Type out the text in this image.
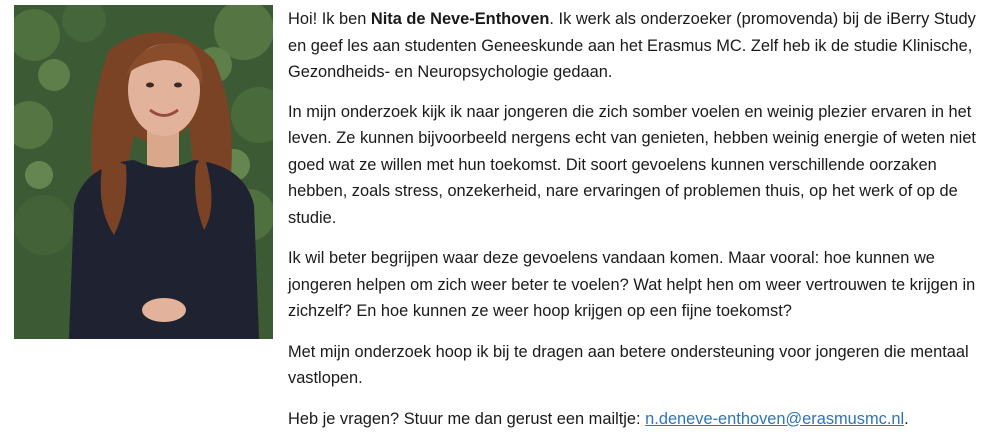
Hoi! Ik ben Nita de Neve-Enthoven. Ik werk als onderzoeker (promovenda) bij de iBerry Study en geef les aan studenten Geneeskunde aan het Erasmus MC. Zelf heb ik de studie Klinische, Gezondheids- en Neuropsychologie gedaan.

In mijn onderzoek kijk ik naar jongeren die zich somber voelen en weinig plezier ervaren in het leven. Ze kunnen bijvoorbeeld nergens echt van genieten, hebben weinig energie of weten niet goed wat ze willen met hun toekomst. Dit soort gevoelens kunnen verschillende oorzaken hebben, zoals stress, onzekerheid, nare ervaringen of problemen thuis, op het werk of op de studie.

Ik wil beter begrijpen waar deze gevoelens vandaan komen. Maar vooral: hoe kunnen we jongeren helpen om zich weer beter te voelen? Wat helpt hen om weer vertrouwen te krijgen in zichzelf? En hoe kunnen ze weer hoop krijgen op een fijne toekomst?

Met mijn onderzoek hoop ik bij te dragen aan betere ondersteuning voor jongeren die mentaal vastlopen.

Heb je vragen? Stuur me dan gerust een mailtje: n.deneve-enthoven@erasmusmc.nl.
